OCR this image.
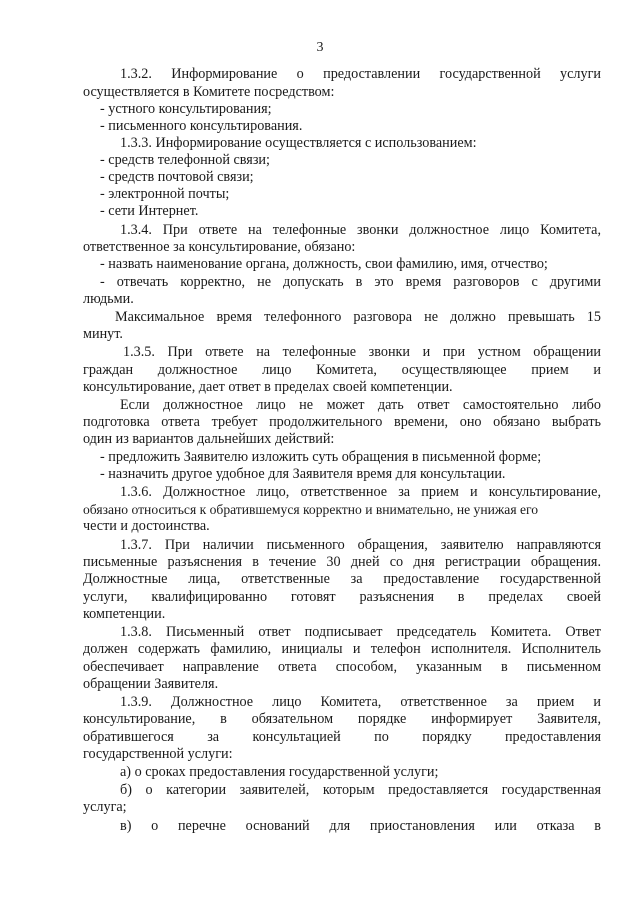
3
1.3.2. Информирование о предоставлении государственной услуги
осуществляется в Комитете посредством:
- устного консультирования;
- письменного консультирования.
1.3.3. Информирование осуществляется с использованием:
- средств телефонной связи;
- средств почтовой связи;
- электронной почты;
- сети Интернет.
1.3.4. При ответе на телефонные звонки должностное лицо Комитета,
ответственное за консультирование, обязано:
- назвать наименование органа, должность, свои фамилию, имя, отчество;
- отвечать корректно, не допускать в это время разговоров с другими
людьми.
Максимальное время телефонного разговора не должно превышать 15
минут.
1.3.5. При ответе на телефонные звонки и при устном обращении
граждан должностное лицо Комитета, осуществляющее прием и
консультирование, дает ответ в пределах своей компетенции.
Если должностное лицо не может дать ответ самостоятельно либо
подготовка ответа требует продолжительного времени, оно обязано выбрать
один из вариантов дальнейших действий:
- предложить Заявителю изложить суть обращения в письменной форме;
- назначить другое удобное для Заявителя время для консультации.
1.3.6. Должностное лицо, ответственное за прием и консультирование,
обязано относиться к обратившемуся корректно и внимательно, не унижая его
чести и достоинства.
1.3.7. При наличии письменного обращения, заявителю направляются
письменные разъяснения в течение 30 дней со дня регистрации обращения.
Должностные лица, ответственные за предоставление государственной
услуги, квалифицированно готовят разъяснения в пределах своей
компетенции.
1.3.8. Письменный ответ подписывает председатель Комитета. Ответ
должен содержать фамилию, инициалы и телефон исполнителя. Исполнитель
обеспечивает направление ответа способом, указанным в письменном
обращении Заявителя.
1.3.9. Должностное лицо Комитета, ответственное за прием и
консультирование, в обязательном порядке информирует Заявителя,
обратившегося за консультацией по порядку предоставления
государственной услуги:
а) о сроках предоставления государственной услуги;
б) о категории заявителей, которым предоставляется государственная
услуга;
в) о перечне оснований для приостановления или отказа в
